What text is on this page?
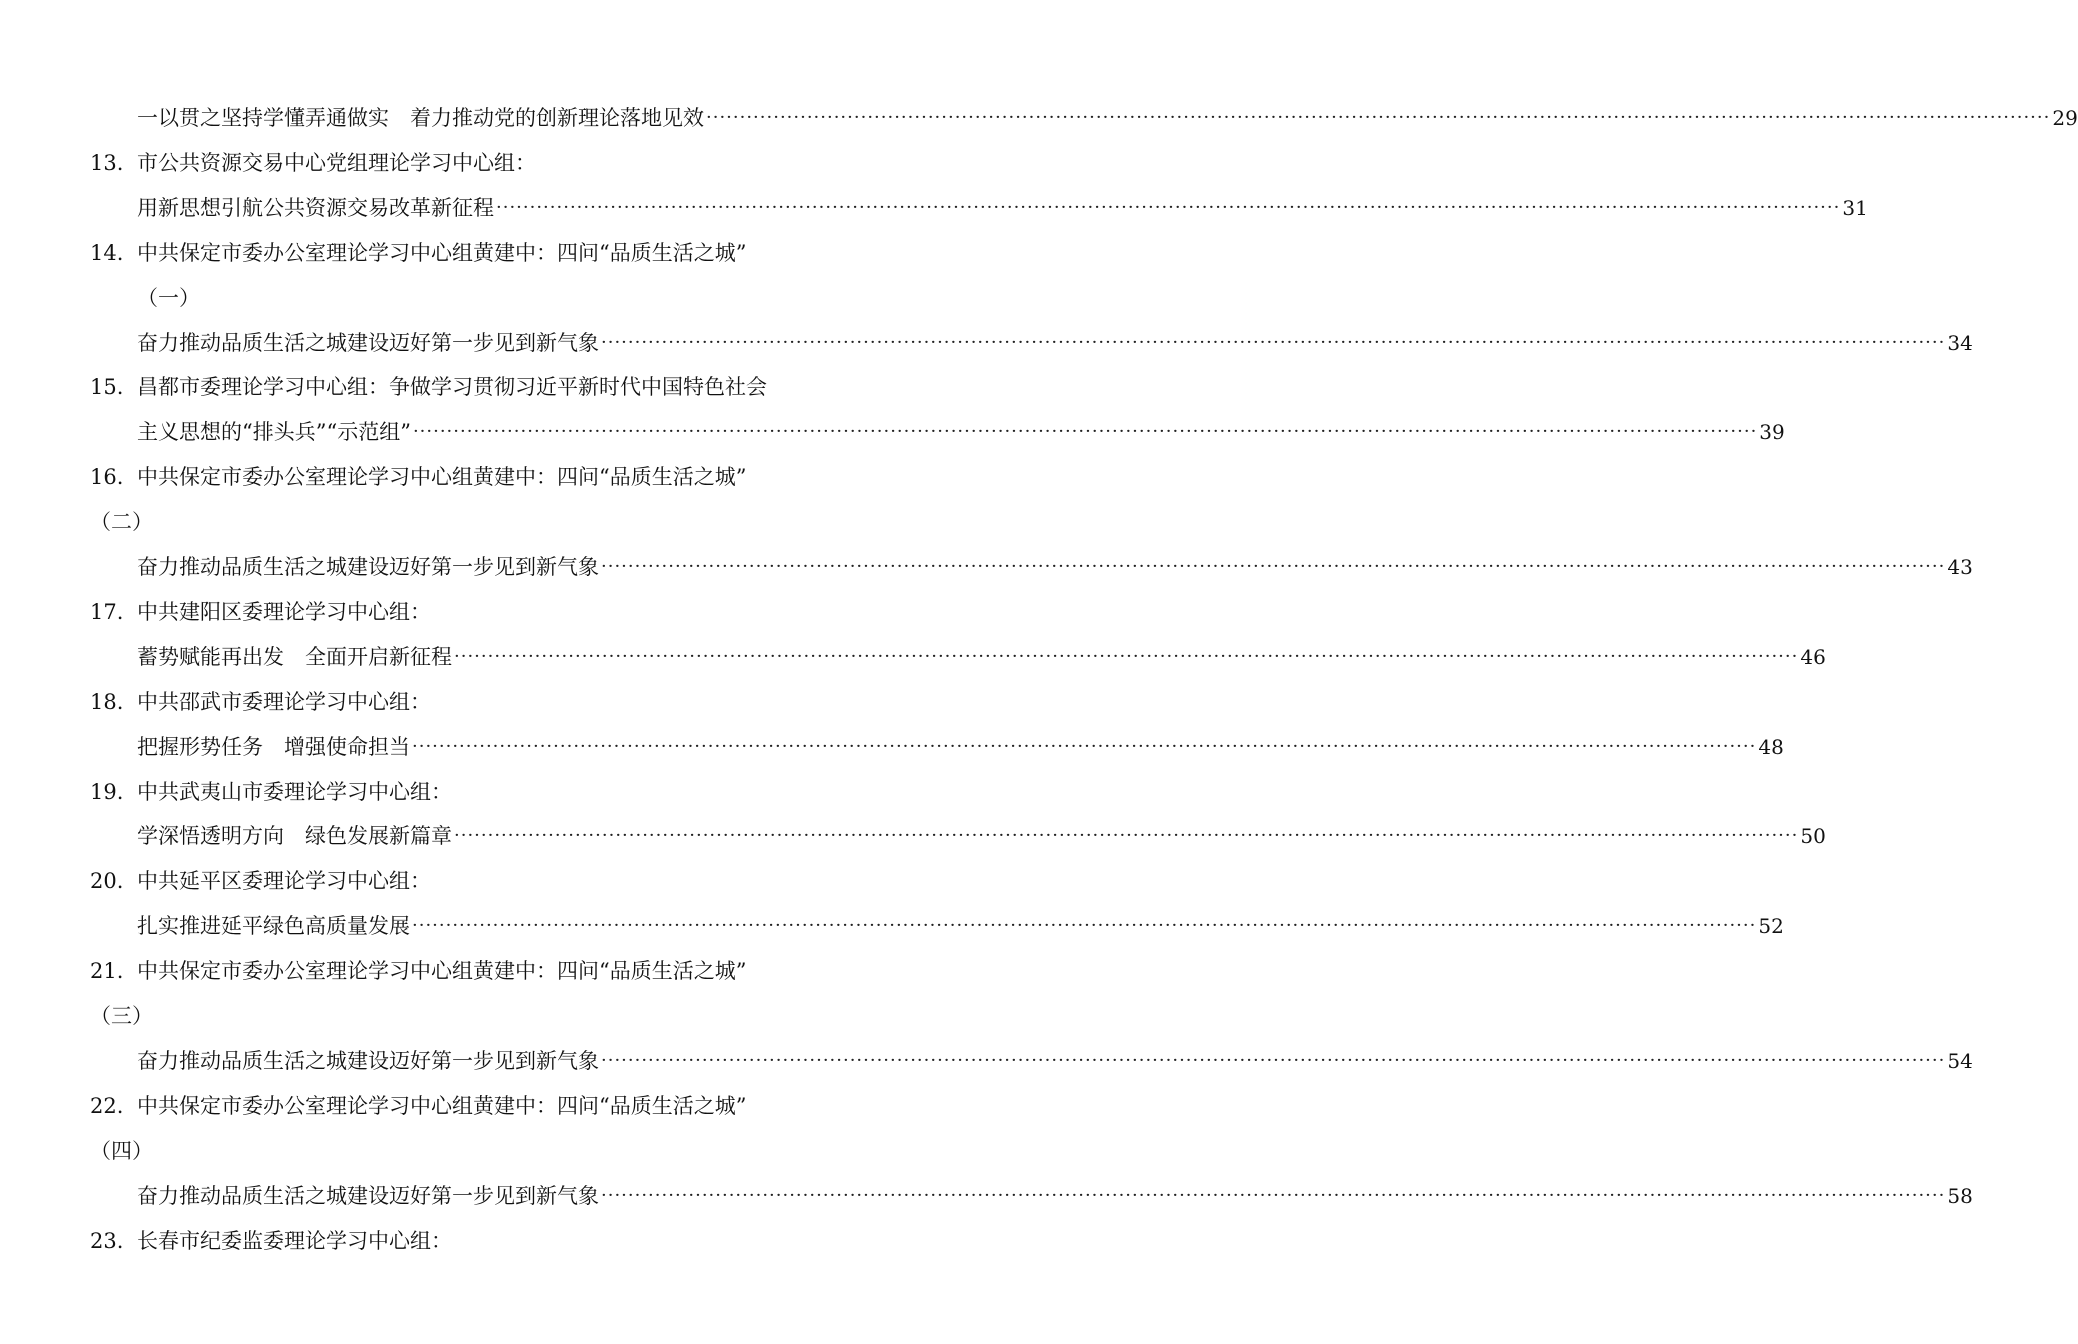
一以贯之坚持学懂弄通做实　着力推动党的创新理论落地见效 ········································································································································································································ 29
13. 市公共资源交易中心党组理论学习中心组：
用新思想引航公共资源交易改革新征程 ········································································································································································································ 31
14. 中共保定市委办公室理论学习中心组黄建中：四问“品质生活之城”
（一）
奋力推动品质生活之城建设迈好第一步见到新气象 ········································································································································································································ 34
15. 昌都市委理论学习中心组：争做学习贯彻习近平新时代中国特色社会
主义思想的“排头兵”“示范组” ········································································································································································································ 39
16. 中共保定市委办公室理论学习中心组黄建中：四问“品质生活之城”
（二）
奋力推动品质生活之城建设迈好第一步见到新气象 ········································································································································································································ 43
17. 中共建阳区委理论学习中心组：
蓄势赋能再出发　全面开启新征程 ········································································································································································································ 46
18. 中共邵武市委理论学习中心组：
把握形势任务　增强使命担当 ········································································································································································································ 48
19. 中共武夷山市委理论学习中心组：
学深悟透明方向　绿色发展新篇章 ········································································································································································································ 50
20. 中共延平区委理论学习中心组：
扎实推进延平绿色高质量发展 ········································································································································································································ 52
21. 中共保定市委办公室理论学习中心组黄建中：四问“品质生活之城”
（三）
奋力推动品质生活之城建设迈好第一步见到新气象 ········································································································································································································ 54
22. 中共保定市委办公室理论学习中心组黄建中：四问“品质生活之城”
（四）
奋力推动品质生活之城建设迈好第一步见到新气象 ········································································································································································································ 58
23. 长春市纪委监委理论学习中心组：
